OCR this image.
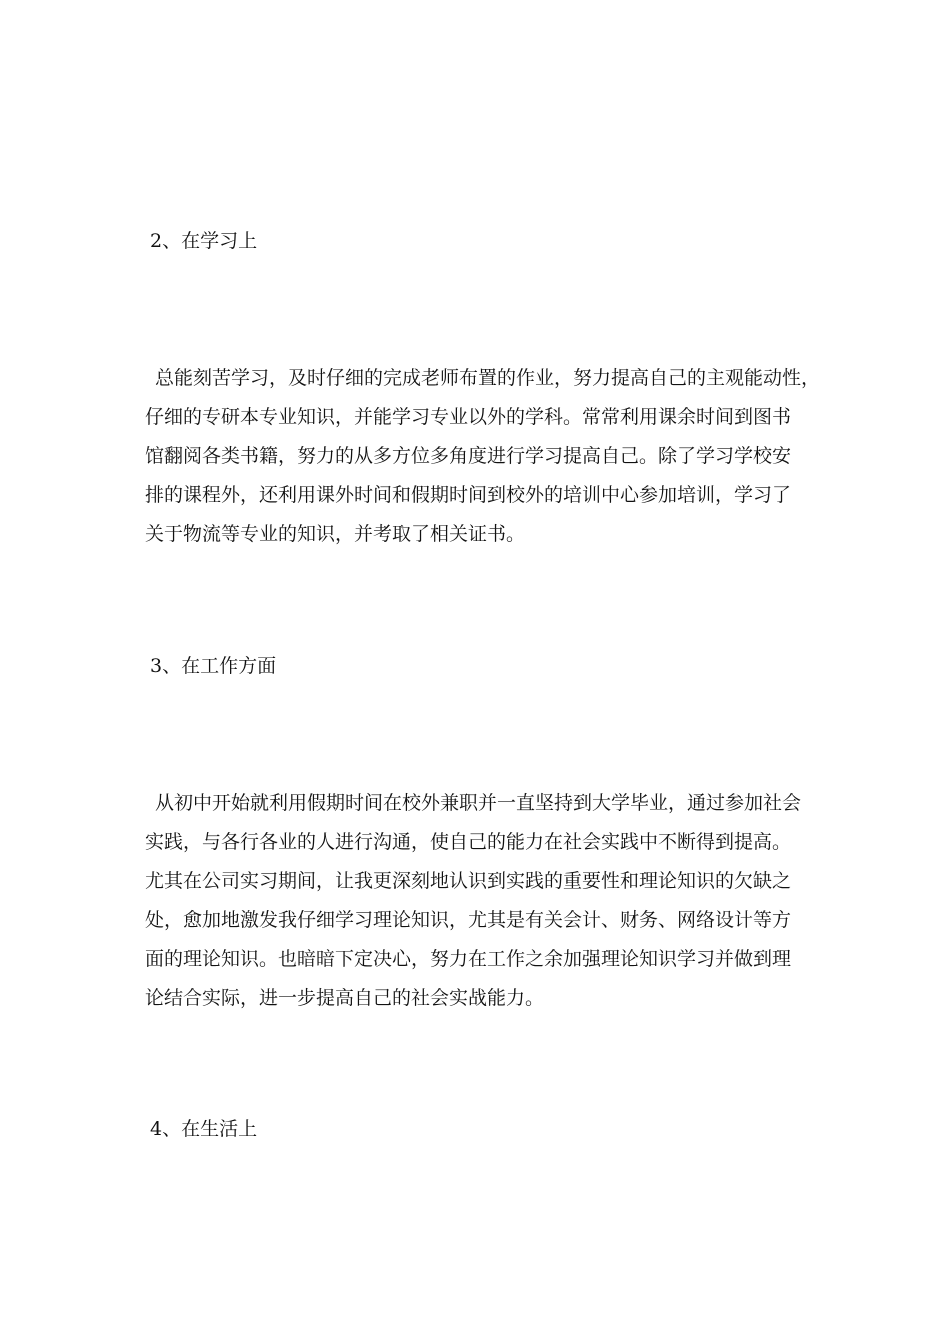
2、在学习上
总能刻苦学习，及时仔细的完成老师布置的作业，努力提高自己的主观能动性，
仔细的专研本专业知识，并能学习专业以外的学科。常常利用课余时间到图书
馆翻阅各类书籍，努力的从多方位多角度进行学习提高自己。除了学习学校安
排的课程外，还利用课外时间和假期时间到校外的培训中心参加培训，学习了
关于物流等专业的知识，并考取了相关证书。
3、在工作方面
从初中开始就利用假期时间在校外兼职并一直坚持到大学毕业，通过参加社会
实践，与各行各业的人进行沟通，使自己的能力在社会实践中不断得到提高。
尤其在公司实习期间，让我更深刻地认识到实践的重要性和理论知识的欠缺之
处，愈加地激发我仔细学习理论知识，尤其是有关会计、财务、网络设计等方
面的理论知识。也暗暗下定决心，努力在工作之余加强理论知识学习并做到理
论结合实际，进一步提高自己的社会实战能力。
4、在生活上
